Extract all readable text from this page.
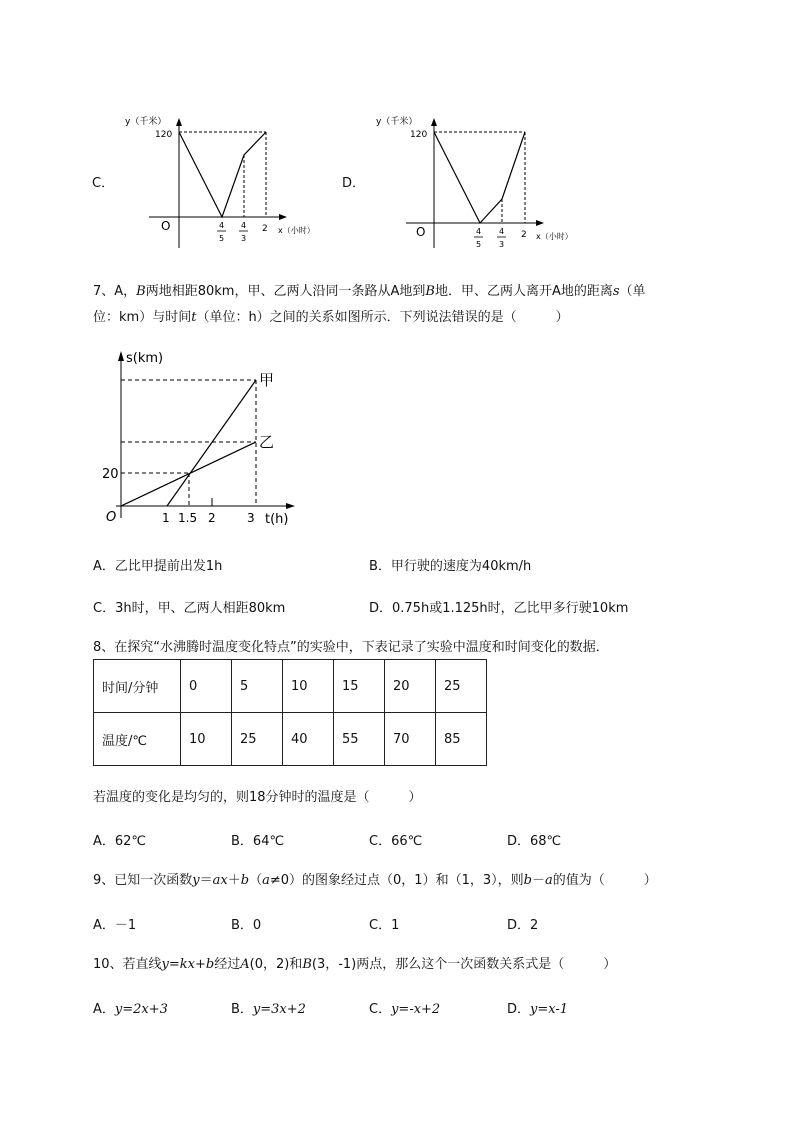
C．
y（千米）
120
O	4
5
4
3
2 x（小时）
D．
y（千米）
120
O	4
5
4
3
2 x（小时）
7、A，B两地相距80km，甲、乙两人沿同一条路从A地到B地．甲、乙两人离开A地的距离s（单
位：km）与时间t（单位：h）之间的关系如图所示．下列说法错误的是（　　　）
s(km)
t(h)
O
20
1 1.5 2	3
甲
乙
A．乙比甲提前出发1h	B．甲行驶的速度为40km/h
C．3h时，甲、乙两人相距80km	D．0.75h或1.125h时，乙比甲多行驶10km
8、在探究“水沸腾时温度变化特点”的实验中，下表记录了实验中温度和时间变化的数据．
时间/分钟	0	5	10	15	20	25
温度/℃	10	25	40	55	70	85
若温度的变化是均匀的，则18分钟时的温度是（　　　）
A．62℃	B．64℃	C．66℃	D．68℃
9、已知一次函数y＝ax＋b（a≠0）的图象经过点（0，1）和（1，3），则b－a的值为（　　　）
A．－1	B．0	C．1	D．2
10、若直线y=kx+b经过A(0，2)和B(3，-1)两点，那么这个一次函数关系式是（　　　）
A．y=2x+3	B．y=3x+2	C．y=-x+2	D．y=x-1
